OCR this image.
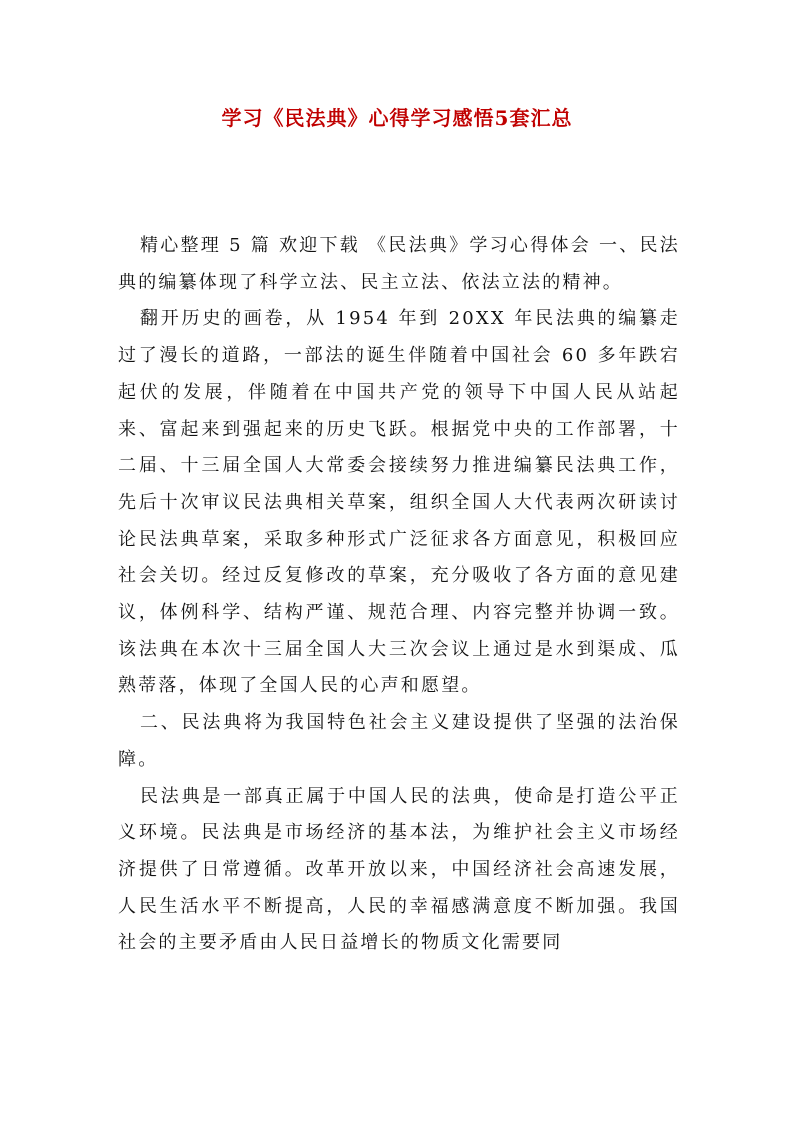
学习《民法典》心得学习感悟5套汇总

精心整理 5 篇 欢迎下载 《民法典》学习心得体会 一、民法典的编纂体现了科学立法、民主立法、依法立法的精神。

翻开历史的画卷，从 1954 年到 20XX 年民法典的编纂走过了漫长的道路，一部法的诞生伴随着中国社会 60 多年跌宕起伏的发展，伴随着在中国共产党的领导下中国人民从站起来、富起来到强起来的历史飞跃。根据党中央的工作部署，十二届、十三届全国人大常委会接续努力推进编纂民法典工作，先后十次审议民法典相关草案，组织全国人大代表两次研读讨论民法典草案，采取多种形式广泛征求各方面意见，积极回应社会关切。经过反复修改的草案，充分吸收了各方面的意见建议，体例科学、结构严谨、规范合理、内容完整并协调一致。该法典在本次十三届全国人大三次会议上通过是水到渠成、瓜熟蒂落，体现了全国人民的心声和愿望。

二、民法典将为我国特色社会主义建设提供了坚强的法治保障。

民法典是一部真正属于中国人民的法典，使命是打造公平正义环境。民法典是市场经济的基本法，为维护社会主义市场经济提供了日常遵循。改革开放以来，中国经济社会高速发展，人民生活水平不断提高，人民的幸福感满意度不断加强。我国社会的主要矛盾由人民日益增长的物质文化需要同
